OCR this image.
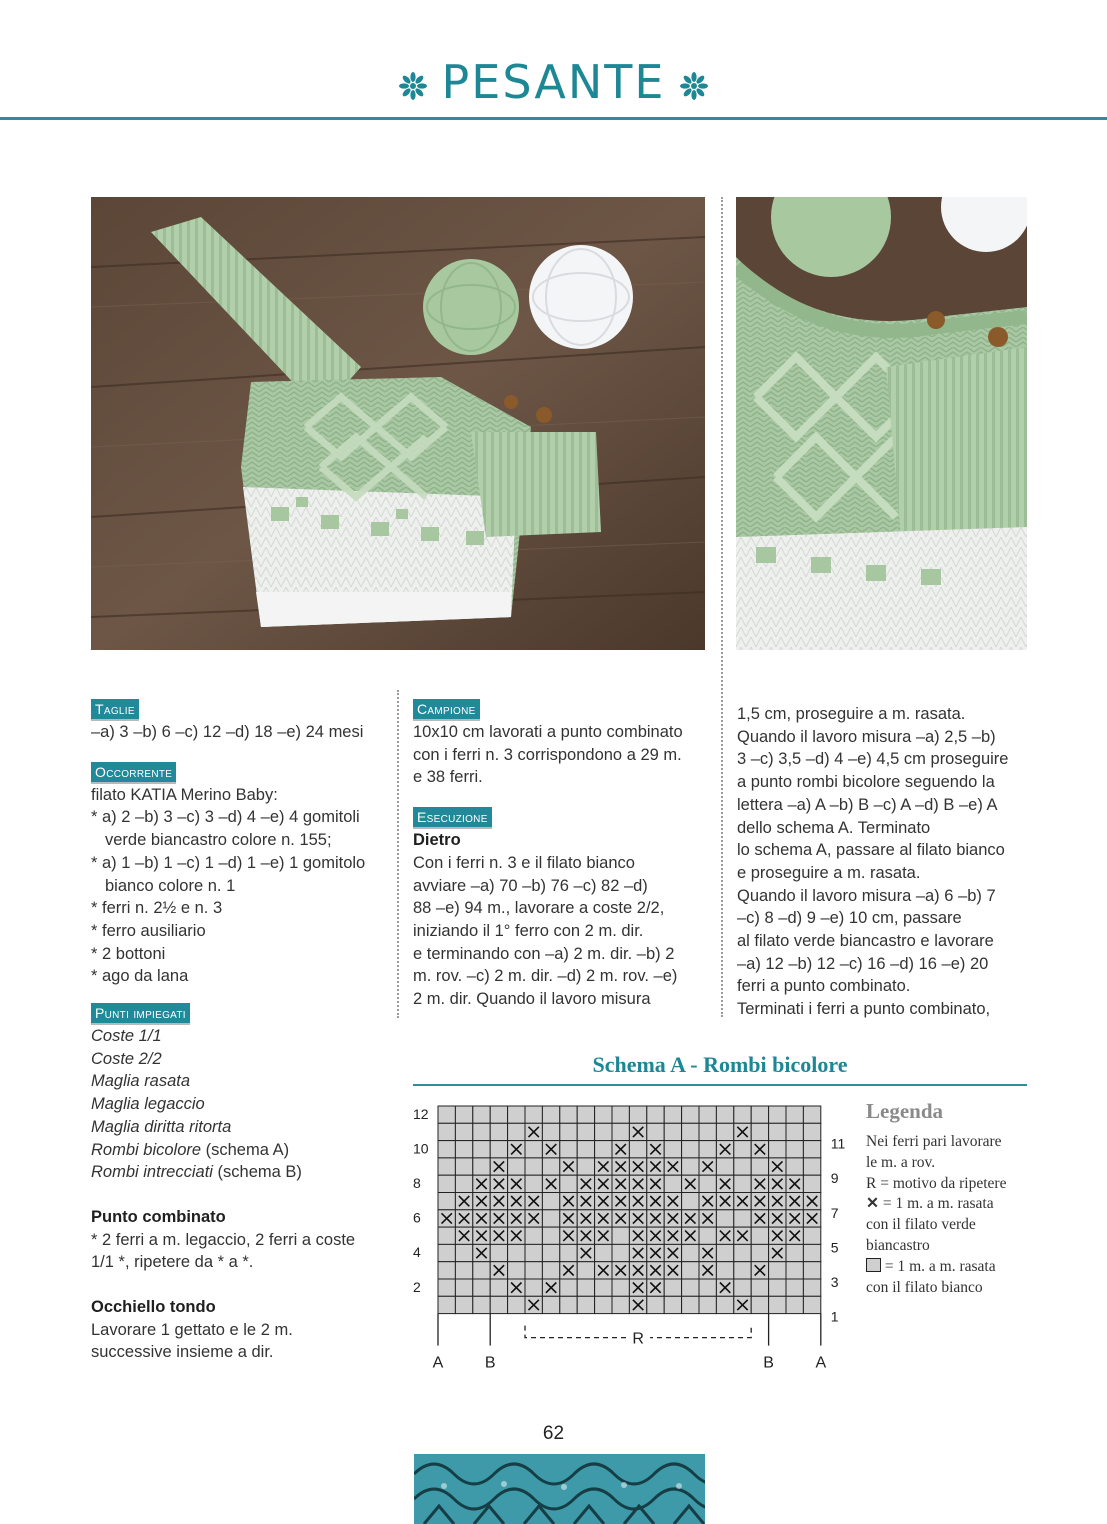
PESANTE
Taglie
–a) 3 –b) 6 –c) 12 –d) 18 –e) 24 mesi
Occorrente
filato KATIA Merino Baby:
* a) 2 –b) 3 –c) 3 –d) 4 –e) 4 gomitoli
verde biancastro colore n. 155;
* a) 1 –b) 1 –c) 1 –d) 1 –e) 1 gomitolo
bianco colore n. 1
* ferri n. 2½ e n. 3
* ferro ausiliario
* 2 bottoni
* ago da lana
Punti impiegati
Coste 1/1
Coste 2/2
Maglia rasata
Maglia legaccio
Maglia diritta ritorta
Rombi bicolore (schema A)
Rombi intrecciati (schema B)
Punto combinato
* 2 ferri a m. legaccio, 2 ferri a coste
1/1 *, ripetere da * a *.
Occhiello tondo
Lavorare 1 gettato e le 2 m.
successive insieme a dir.
Campione
10x10 cm lavorati a punto combinato
con i ferri n. 3 corrispondono a 29 m.
e 38 ferri.
Esecuzione
Dietro
Con i ferri n. 3 e il filato bianco
avviare –a) 70 –b) 76 –c) 82 –d)
88 –e) 94 m., lavorare a coste 2/2,
iniziando il 1° ferro con 2 m. dir.
e terminando con –a) 2 m. dir. –b) 2
m. rov. –c) 2 m. dir. –d) 2 m. rov. –e)
2 m. dir. Quando il lavoro misura
1,5 cm, proseguire a m. rasata.
Quando il lavoro misura –a) 2,5 –b)
3 –c) 3,5 –d) 4 –e) 4,5 cm proseguire
a punto rombi bicolore seguendo la
lettera –a) A –b) B –c) A –d) B –e) A
dello schema A. Terminato
lo schema A, passare al filato bianco
e proseguire a m. rasata.
Quando il lavoro misura –a) 6 –b) 7
–c) 8 –d) 9 –e) 10 cm, passare
al filato verde biancastro e lavorare
–a) 12 –b) 12 –c) 16 –d) 16 –e) 20
ferri a punto combinato.
Terminati i ferri a punto combinato,
Schema A - Rombi bicolore
2
4
6
8
10
12
1
3
5
7
9
11
R
A	B	B	A
Legenda
Nei ferri pari lavorare
le m. a rov.
R = motivo da ripetere
✕ = 1 m. a m. rasata
con il filato verde
biancastro
= 1 m. a m. rasata
con il filato bianco
62
